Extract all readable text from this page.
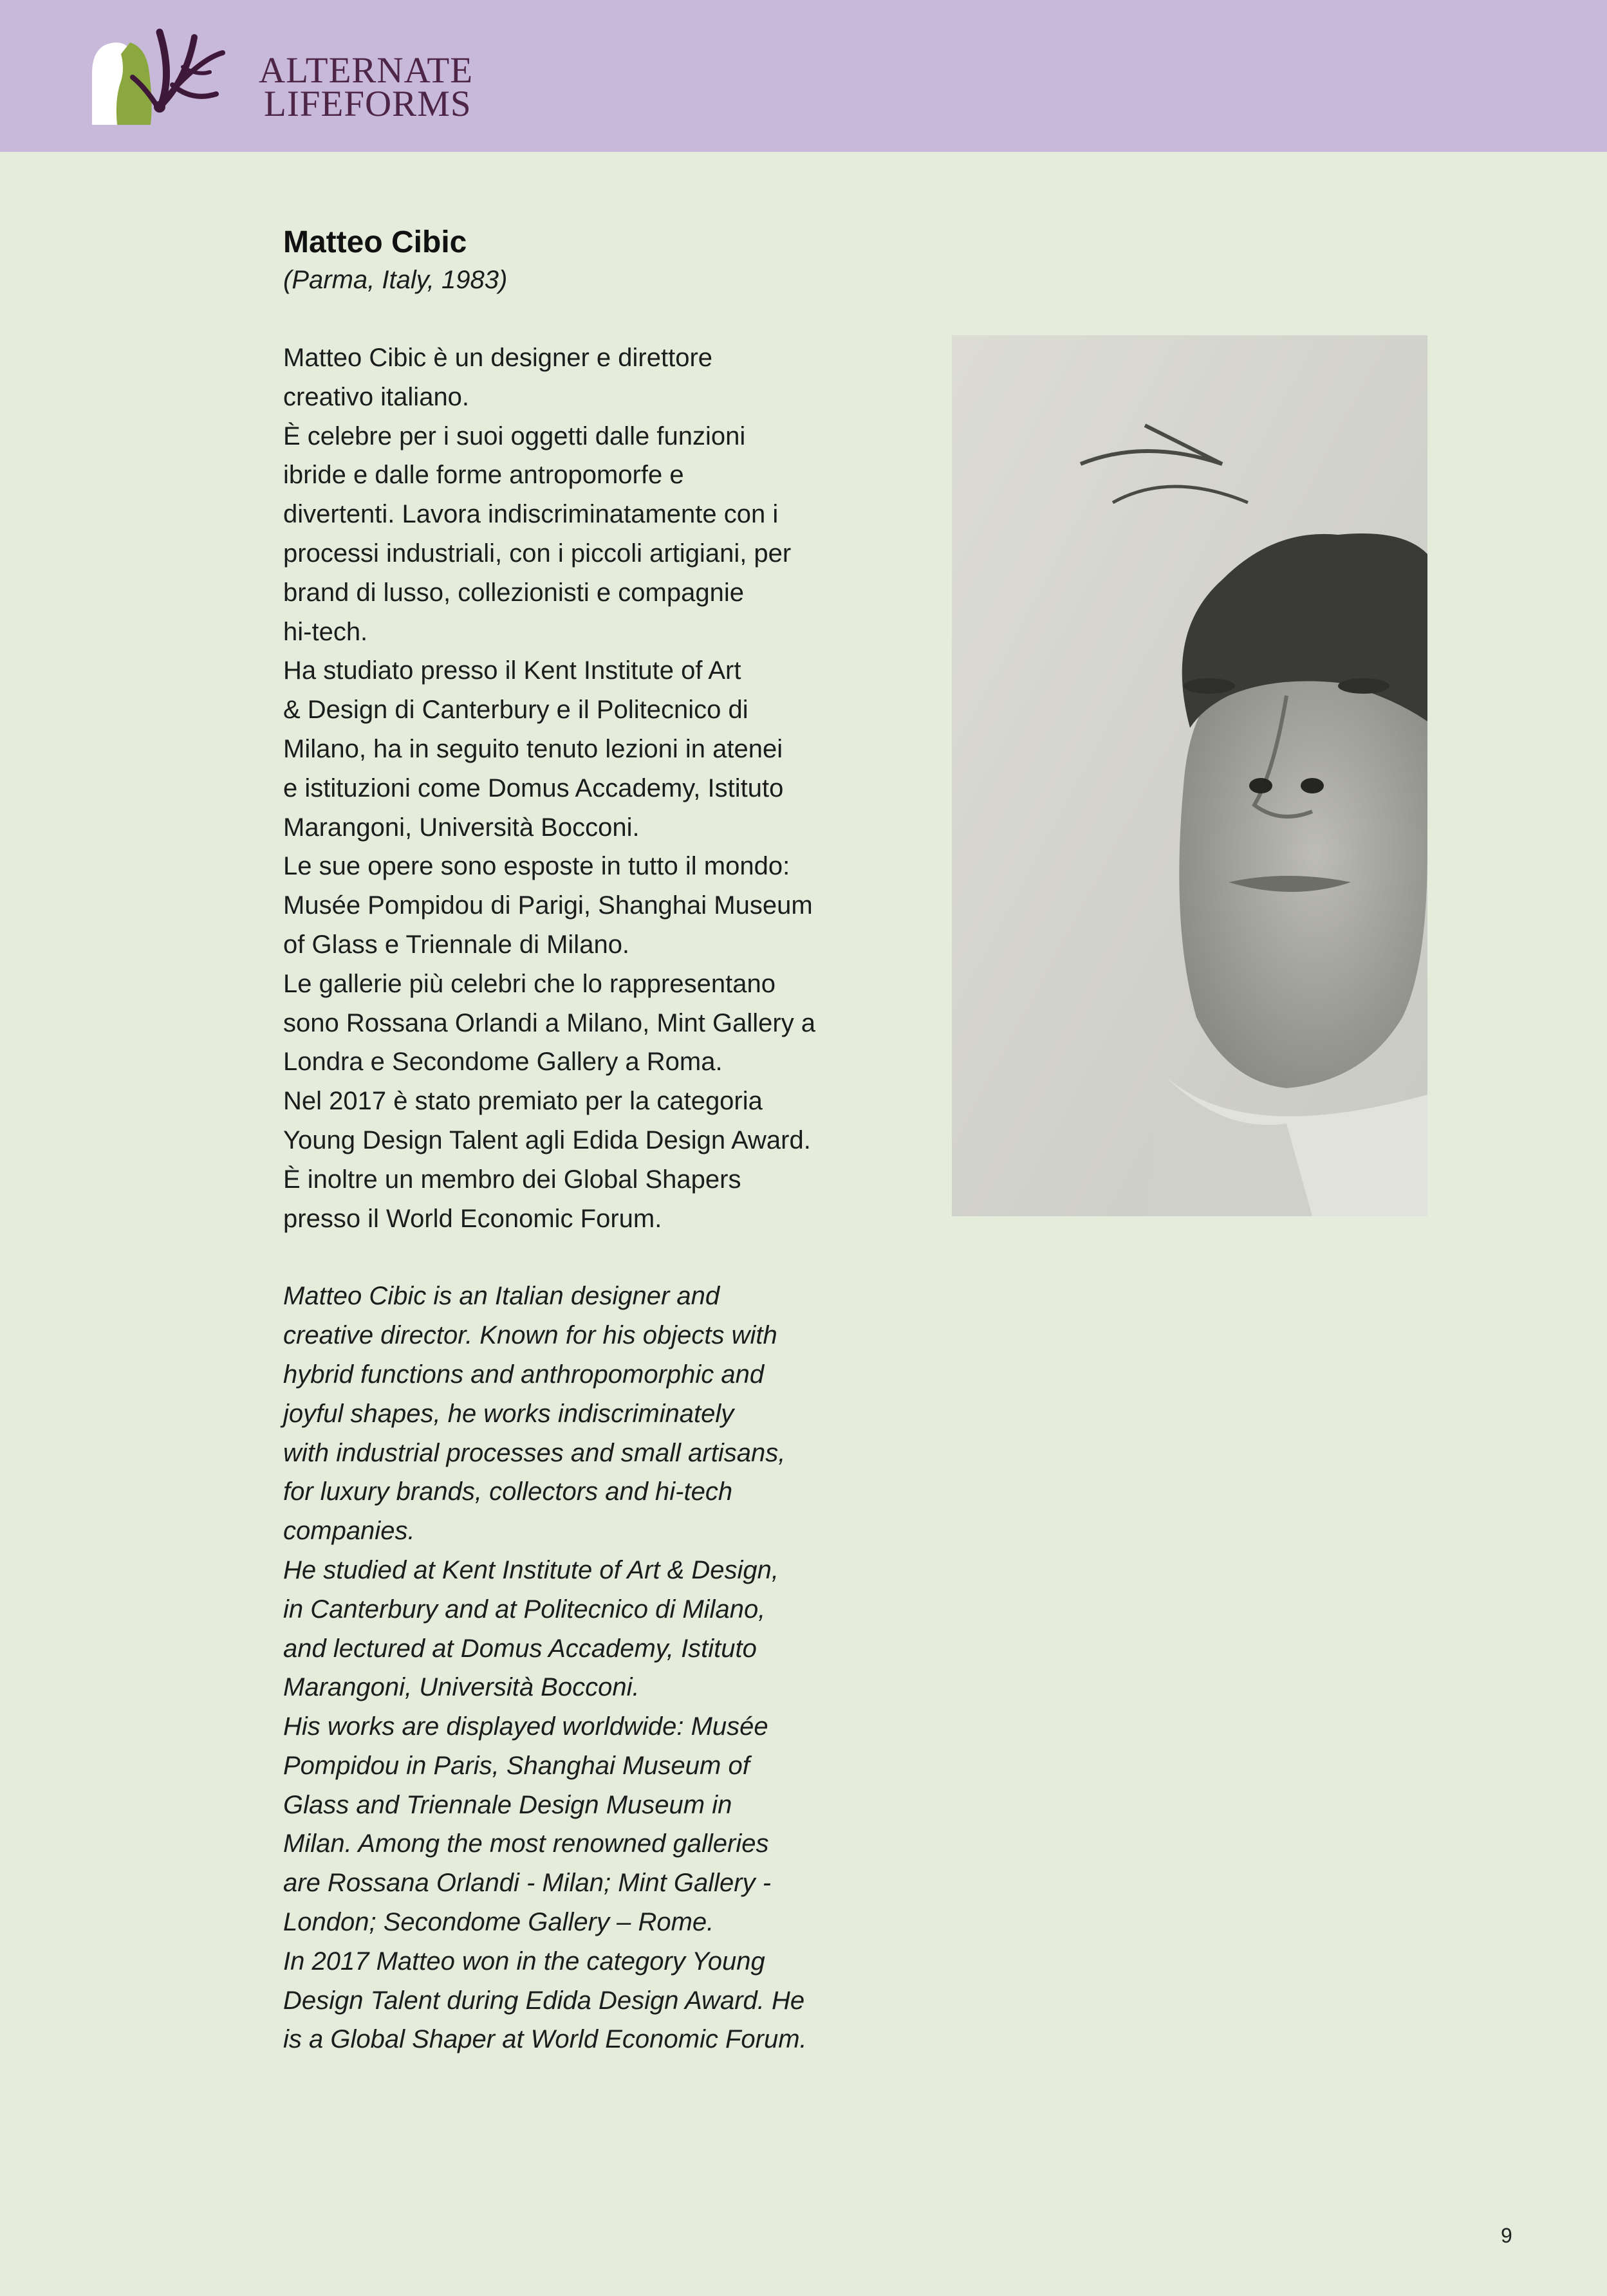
ALTERNATE
LIFEFORMS

Matteo Cibic

(Parma, Italy, 1983)

Matteo Cibic è un designer e direttore
creativo italiano.
È celebre per i suoi oggetti dalle funzioni
ibride e dalle forme antropomorfe e
divertenti. Lavora indiscriminatamente con i
processi industriali, con i piccoli artigiani, per
brand di lusso, collezionisti e compagnie
hi-tech.
Ha studiato presso il Kent Institute of Art
& Design di Canterbury e il Politecnico di
Milano, ha in seguito tenuto lezioni in atenei
e istituzioni come Domus Accademy, Istituto
Marangoni, Università Bocconi.
Le sue opere sono esposte in tutto il mondo:
Musée Pompidou di Parigi, Shanghai Museum
of Glass e Triennale di Milano.
Le gallerie più celebri che lo rappresentano
sono Rossana Orlandi a Milano, Mint Gallery a
Londra e Secondome Gallery a Roma.
Nel 2017 è stato premiato per la categoria
Young Design Talent agli Edida Design Award.
È inoltre un membro dei Global Shapers
presso il World Economic Forum.
Matteo Cibic is an Italian designer and
creative director. Known for his objects with
hybrid functions and anthropomorphic and
joyful shapes, he works indiscriminately
with industrial processes and small artisans,
for luxury brands, collectors and hi-tech
companies.
He studied at Kent Institute of Art & Design,
in Canterbury and at Politecnico di Milano,
and lectured at Domus Accademy, Istituto
Marangoni, Università Bocconi.
His works are displayed worldwide: Musée
Pompidou in Paris, Shanghai Museum of
Glass and Triennale Design Museum in
Milan. Among the most renowned galleries
are Rossana Orlandi - Milan; Mint Gallery -
London; Secondome Gallery – Rome.
In 2017 Matteo won in the category Young
Design Talent during Edida Design Award. He
is a Global Shaper at World Economic Forum.
9
